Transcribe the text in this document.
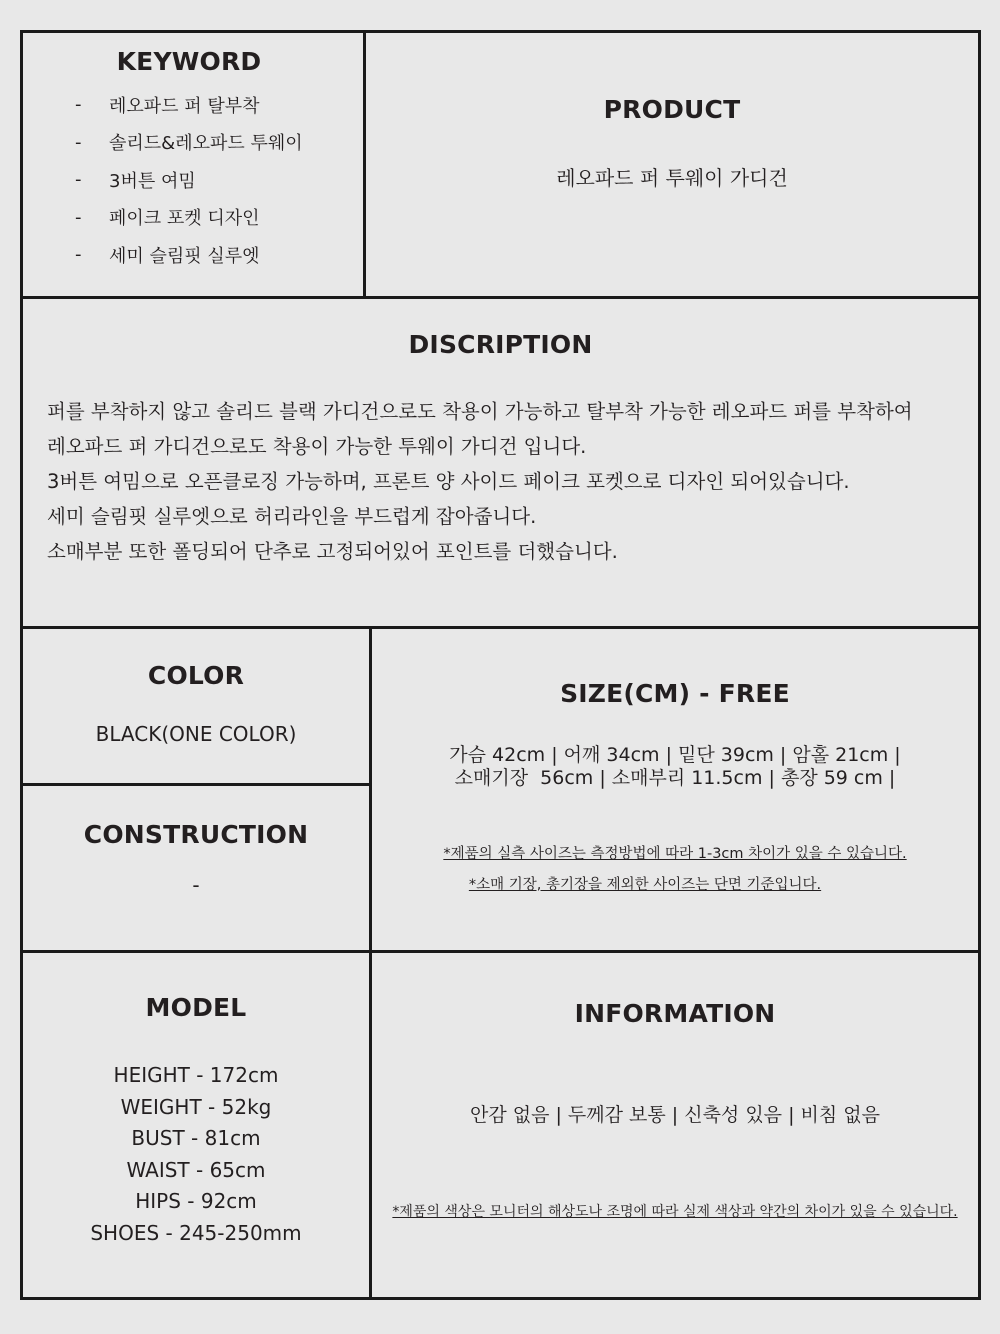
KEYWORD
-	레오파드 퍼 탈부착
-	솔리드&레오파드 투웨이
-	3버튼 여밈
-	페이크 포켓 디자인
-	세미 슬림핏 실루엣
PRODUCT
레오파드 퍼 투웨이 가디건
DISCRIPTION

퍼를 부착하지 않고 솔리드 블랙 가디건으로도 착용이 가능하고 탈부착 가능한 레오파드 퍼를 부착하여

레오파드 퍼 가디건으로도 착용이 가능한 투웨이 가디건 입니다.

3버튼 여밈으로 오픈클로징 가능하며, 프론트 양 사이드 페이크 포켓으로 디자인 되어있습니다.

세미 슬림핏 실루엣으로 허리라인을 부드럽게 잡아줍니다.

소매부분 또한 폴딩되어 단추로 고정되어있어 포인트를 더했습니다.

COLOR
BLACK(ONE COLOR)
CONSTRUCTION
-
SIZE(CM) - FREE
가슴 42cm | 어깨 34cm | 밑단 39cm | 암홀 21cm |
소매기장  56cm | 소매부리 11.5cm | 총장 59 cm |
*제품의 실측 사이즈는 측정방법에 따라 1-3cm 차이가 있을 수 있습니다.
*소매 기장, 총기장을 제외한 사이즈는 단면 기준입니다.
MODEL
HEIGHT - 172cm
WEIGHT - 52kg
BUST - 81cm
WAIST - 65cm
HIPS - 92cm
SHOES - 245-250mm
INFORMATION
안감 없음 | 두께감 보통 | 신축성 있음 | 비침 없음
*제품의 색상은 모니터의 해상도나 조명에 따라 실제 색상과 약간의 차이가 있을 수 있습니다.
